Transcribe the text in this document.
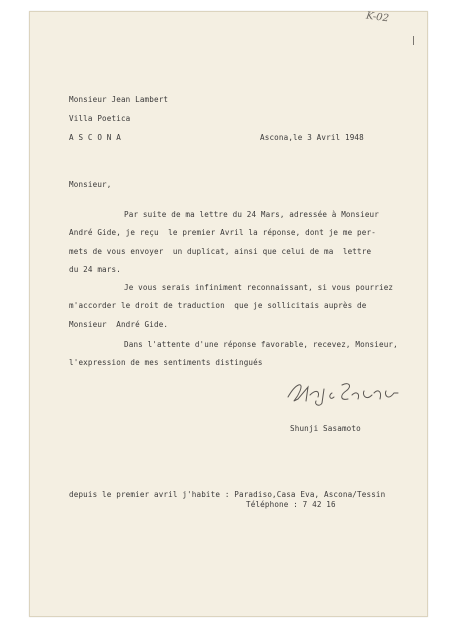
K-02
Monsieur Jean Lambert
Villa Poetica
A S C O N A	Ascona,le 3 Avril 1948
Monsieur,
Par suite de ma lettre du 24 Mars, adressée à Monsieur
André Gide, je reçu  le premier Avril la réponse, dont je me per-
mets de vous envoyer  un duplicat, ainsi que celui de ma  lettre
du 24 mars.
Je vous serais infiniment reconnaissant, si vous pourriez
m'accorder le droit de traduction  que je sollicitais auprès de
Monsieur  André Gide.
Dans l'attente d'une réponse favorable, recevez, Monsieur,
l'expression de mes sentiments distingués
Shunji Sasamoto
depuis le premier avril j'habite : Paradiso,Casa Eva, Ascona/Tessin
Téléphone : 7 42 16
